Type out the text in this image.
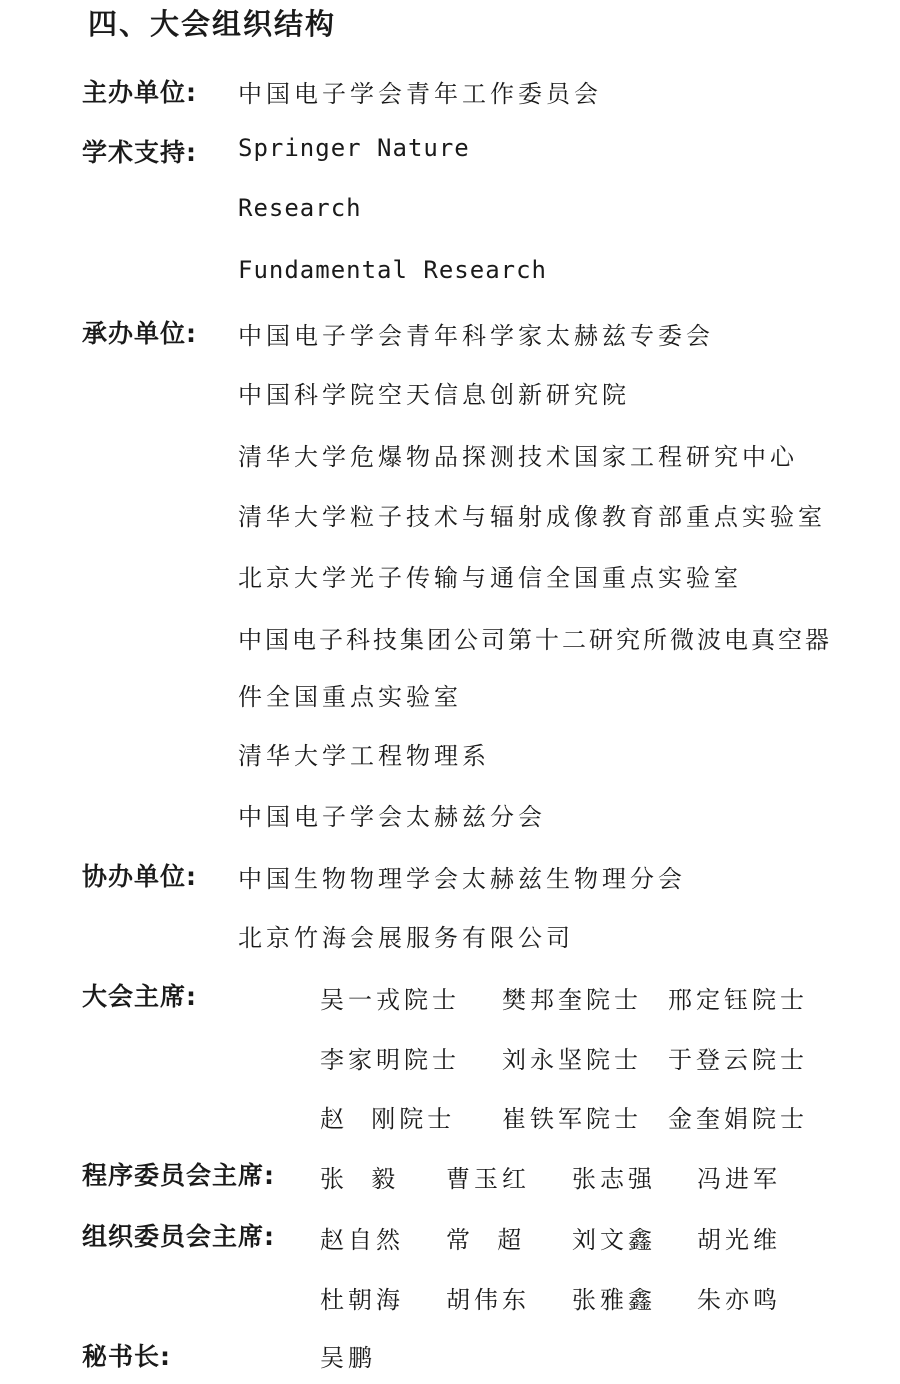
四、大会组织结构
主办单位: 中国电子学会青年工作委员会
学术支持: Springer Nature
Research
Fundamental Research
承办单位: 中国电子学会青年科学家太赫兹专委会
中国科学院空天信息创新研究院
清华大学危爆物品探测技术国家工程研究中心
清华大学粒子技术与辐射成像教育部重点实验室
北京大学光子传输与通信全国重点实验室
中国电子科技集团公司第十二研究所微波电真空器
件全国重点实验室
清华大学工程物理系
中国电子学会太赫兹分会
协办单位: 中国生物物理学会太赫兹生物理分会
北京竹海会展服务有限公司
大会主席:	吴一戎院士 樊邦奎院士 邢定钰院士
李家明院士 刘永坚院士 于登云院士
赵  刚院士 崔铁军院士 金奎娟院士
程序委员会主席: 张  毅 曹玉红 张志强 冯进军
组织委员会主席: 赵自然 常  超 刘文鑫 胡光维
杜朝海 胡伟东 张雅鑫 朱亦鸣
秘书长:	吴鹏
